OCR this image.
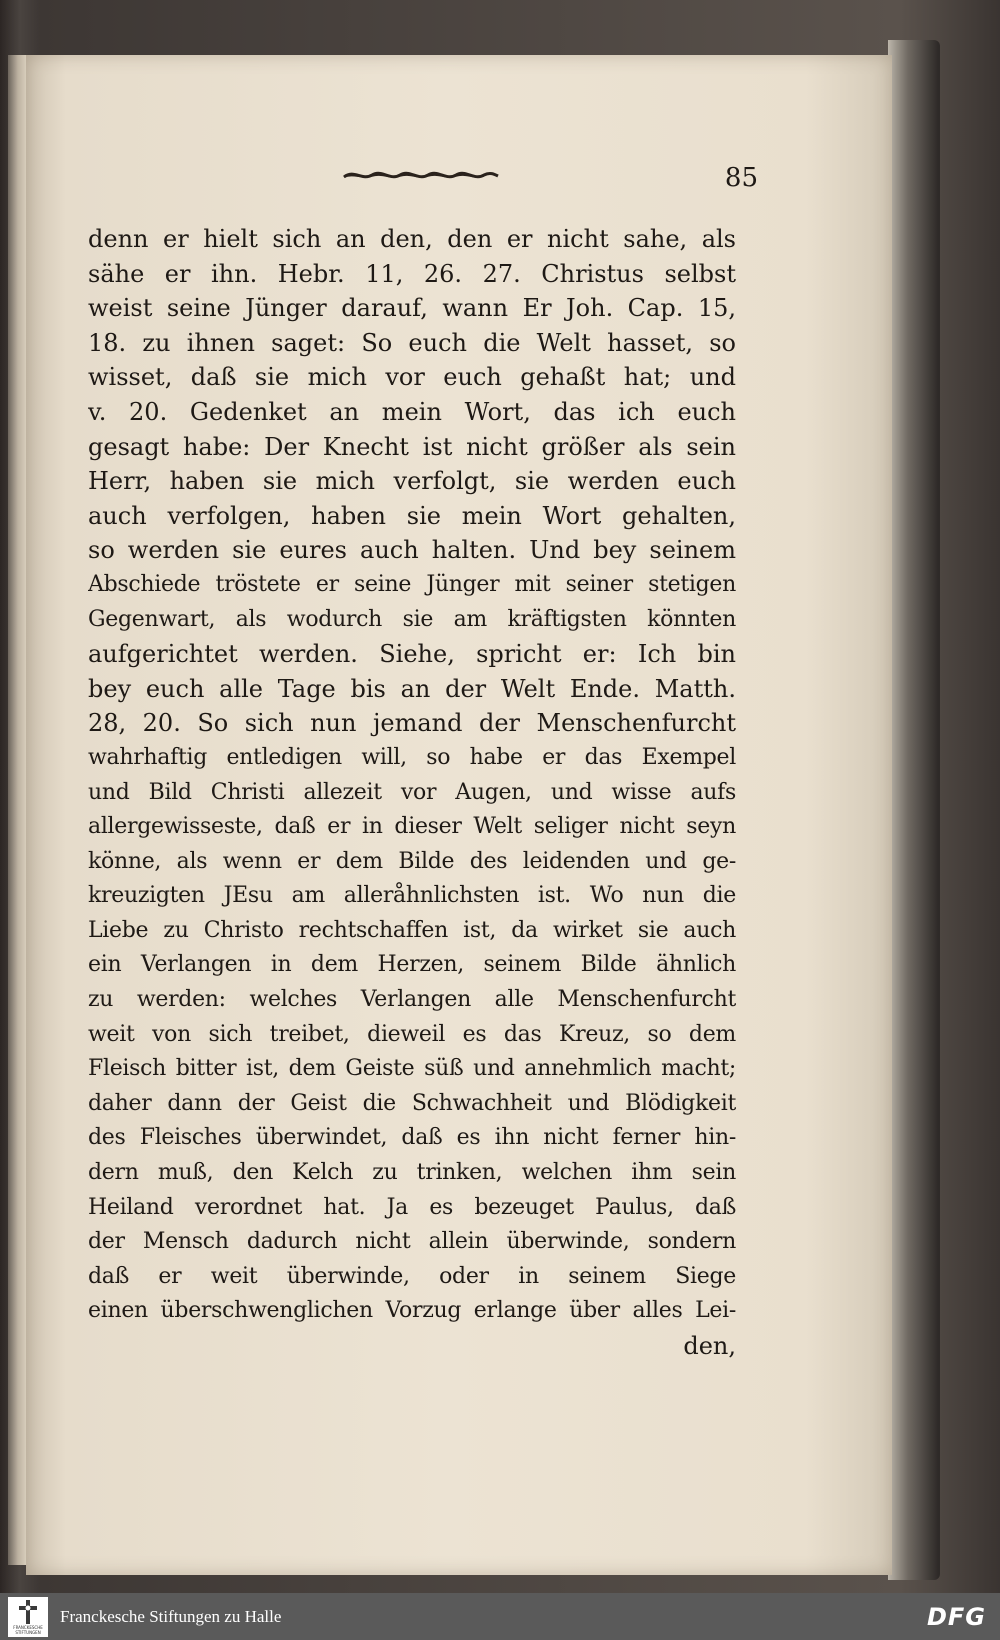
85
denn er hielt sich an den, den er nicht sahe, als
sähe er ihn. Hebr. 11, 26. 27. Christus selbst
weist seine Jünger darauf, wann Er Joh. Cap. 15,
18. zu ihnen saget: So euch die Welt hasset, so
wisset, daß sie mich vor euch gehaßt hat; und
v. 20. Gedenket an mein Wort, das ich euch
gesagt habe: Der Knecht ist nicht größer als sein
Herr, haben sie mich verfolgt, sie werden euch
auch verfolgen, haben sie mein Wort gehalten,
so werden sie eures auch halten. Und bey seinem
Abschiede tröstete er seine Jünger mit seiner stetigen
Gegenwart, als wodurch sie am kräftigsten könnten
aufgerichtet werden. Siehe, spricht er: Ich bin
bey euch alle Tage bis an der Welt Ende. Matth.
28, 20. So sich nun jemand der Menschenfurcht
wahrhaftig entledigen will, so habe er das Exempel
und Bild Christi allezeit vor Augen, und wisse aufs
allergewisseste, daß er in dieser Welt seliger nicht seyn
könne, als wenn er dem Bilde des leidenden und ge-
kreuzigten JEsu am alleråhnlichsten ist. Wo nun die
Liebe zu Christo rechtschaffen ist, da wirket sie auch
ein Verlangen in dem Herzen, seinem Bilde ähnlich
zu werden: welches Verlangen alle Menschenfurcht
weit von sich treibet, dieweil es das Kreuz, so dem
Fleisch bitter ist, dem Geiste süß und annehmlich macht;
daher dann der Geist die Schwachheit und Blödigkeit
des Fleisches überwindet, daß es ihn nicht ferner hin-
dern muß, den Kelch zu trinken, welchen ihm sein
Heiland verordnet hat. Ja es bezeuget Paulus, daß
der Mensch dadurch nicht allein überwinde, sondern
daß er weit überwinde, oder in seinem Siege
einen überschwenglichen Vorzug erlange über alles Lei-
den,
FRANCKESCHE
STIFTUNGEN
Franckesche Stiftungen zu Halle	DFG
